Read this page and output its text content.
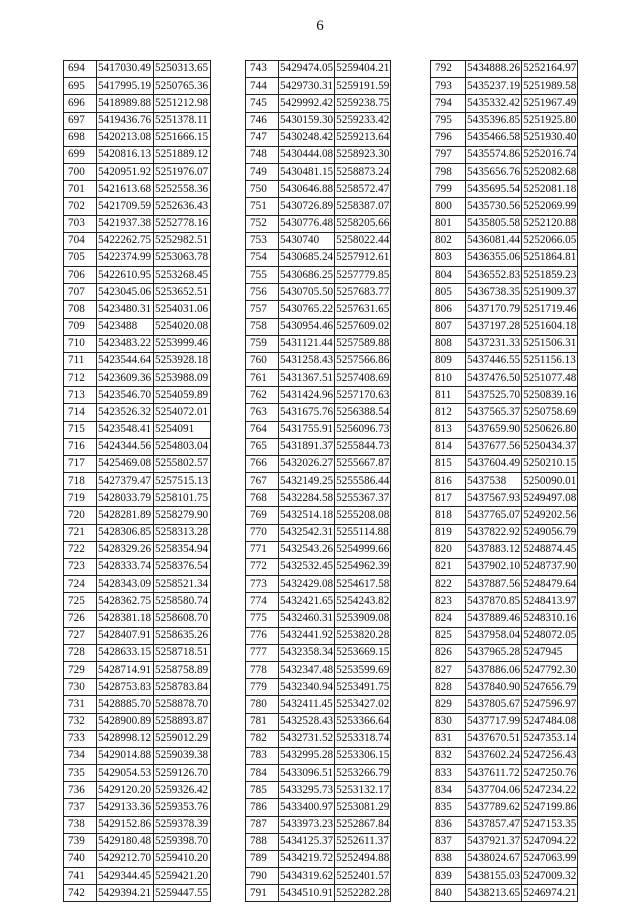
6
694	5417030.49	5250313.65
695	5417995.19	5250765.36
696	5418989.88	5251212.98
697	5419436.76	5251378.11
698	5420213.08	5251666.15
699	5420816.13	5251889.12
700	5420951.92	5251976.07
701	5421613.68	5252558.36
702	5421709.59	5252636.43
703	5421937.38	5252778.16
704	5422262.75	5252982.51
705	5422374.99	5253063.78
706	5422610.95	5253268.45
707	5423045.06	5253652.51
708	5423480.31	5254031.06
709	5423488	5254020.08
710	5423483.22	5253999.46
711	5423544.64	5253928.18
712	5423609.36	5253988.09
713	5423546.70	5254059.89
714	5423526.32	5254072.01
715	5423548.41	5254091
716	5424344.56	5254803.04
717	5425469.08	5255802.57
718	5427379.47	5257515.13
719	5428033.79	5258101.75
720	5428281.89	5258279.90
721	5428306.85	5258313.28
722	5428329.26	5258354.94
723	5428333.74	5258376.54
724	5428343.09	5258521.34
725	5428362.75	5258580.74
726	5428381.18	5258608.70
727	5428407.91	5258635.26
728	5428633.15	5258718.51
729	5428714.91	5258758.89
730	5428753.83	5258783.84
731	5428885.70	5258878.70
732	5428900.89	5258893.87
733	5428998.12	5259012.29
734	5429014.88	5259039.38
735	5429054.53	5259126.70
736	5429120.20	5259326.42
737	5429133.36	5259353.76
738	5429152.86	5259378.39
739	5429180.48	5259398.70
740	5429212.70	5259410.20
741	5429344.45	5259421.20
742	5429394.21	5259447.55
743	5429474.05	5259404.21
744	5429730.31	5259191.59
745	5429992.42	5259238.75
746	5430159.30	5259233.42
747	5430248.42	5259213.64
748	5430444.08	5258923.30
749	5430481.15	5258873.24
750	5430646.88	5258572.47
751	5430726.89	5258387.07
752	5430776.48	5258205.66
753	5430740	5258022.44
754	5430685.24	5257912.61
755	5430686.25	5257779.85
756	5430705.50	5257683.77
757	5430765.22	5257631.65
758	5430954.46	5257609.02
759	5431121.44	5257589.88
760	5431258.43	5257566.86
761	5431367.51	5257408.69
762	5431424.96	5257170.63
763	5431675.76	5256388.54
764	5431755.91	5256096.73
765	5431891.37	5255844.73
766	5432026.27	5255667.87
767	5432149.25	5255586.44
768	5432284.58	5255367.37
769	5432514.18	5255208.08
770	5432542.31	5255114.88
771	5432543.26	5254999.66
772	5432532.45	5254962.39
773	5432429.08	5254617.58
774	5432421.65	5254243.82
775	5432460.31	5253909.08
776	5432441.92	5253820.28
777	5432358.34	5253669.15
778	5432347.48	5253599.69
779	5432340.94	5253491.75
780	5432411.45	5253427.02
781	5432528.43	5253366.64
782	5432731.52	5253318.74
783	5432995.28	5253306.15
784	5433096.51	5253266.79
785	5433295.73	5253132.17
786	5433400.97	5253081.29
787	5433973.23	5252867.84
788	5434125.37	5252611.37
789	5434219.72	5252494.88
790	5434319.62	5252401.57
791	5434510.91	5252282.28
792	5434888.26	5252164.97
793	5435237.19	5251989.58
794	5435332.42	5251967.49
795	5435396.85	5251925.80
796	5435466.58	5251930.40
797	5435574.86	5252016.74
798	5435656.76	5252082.68
799	5435695.54	5252081.18
800	5435730.56	5252069.99
801	5435805.58	5252120.88
802	5436081.44	5252066.05
803	5436355.06	5251864.81
804	5436552.83	5251859.23
805	5436738.35	5251909.37
806	5437170.79	5251719.46
807	5437197.28	5251604.18
808	5437231.33	5251506.31
809	5437446.55	5251156.13
810	5437476.50	5251077.48
811	5437525.70	5250839.16
812	5437565.37	5250758.69
813	5437659.90	5250626.80
814	5437677.56	5250434.37
815	5437604.49	5250210.15
816	5437538	5250090.01
817	5437567.93	5249497.08
818	5437765.07	5249202.56
819	5437822.92	5249056.79
820	5437883.12	5248874.45
821	5437902.10	5248737.90
822	5437887.56	5248479.64
823	5437870.85	5248413.97
824	5437889.46	5248310.16
825	5437958.04	5248072.05
826	5437965.28	5247945
827	5437886.06	5247792.30
828	5437840.90	5247656.79
829	5437805.67	5247596.97
830	5437717.99	5247484.08
831	5437670.51	5247353.14
832	5437602.24	5247256.43
833	5437611.72	5247250.76
834	5437704.06	5247234.22
835	5437789.62	5247199.86
836	5437857.47	5247153.35
837	5437921.37	5247094.22
838	5438024.67	5247063.99
839	5438155.03	5247009.32
840	5438213.65	5246974.21
